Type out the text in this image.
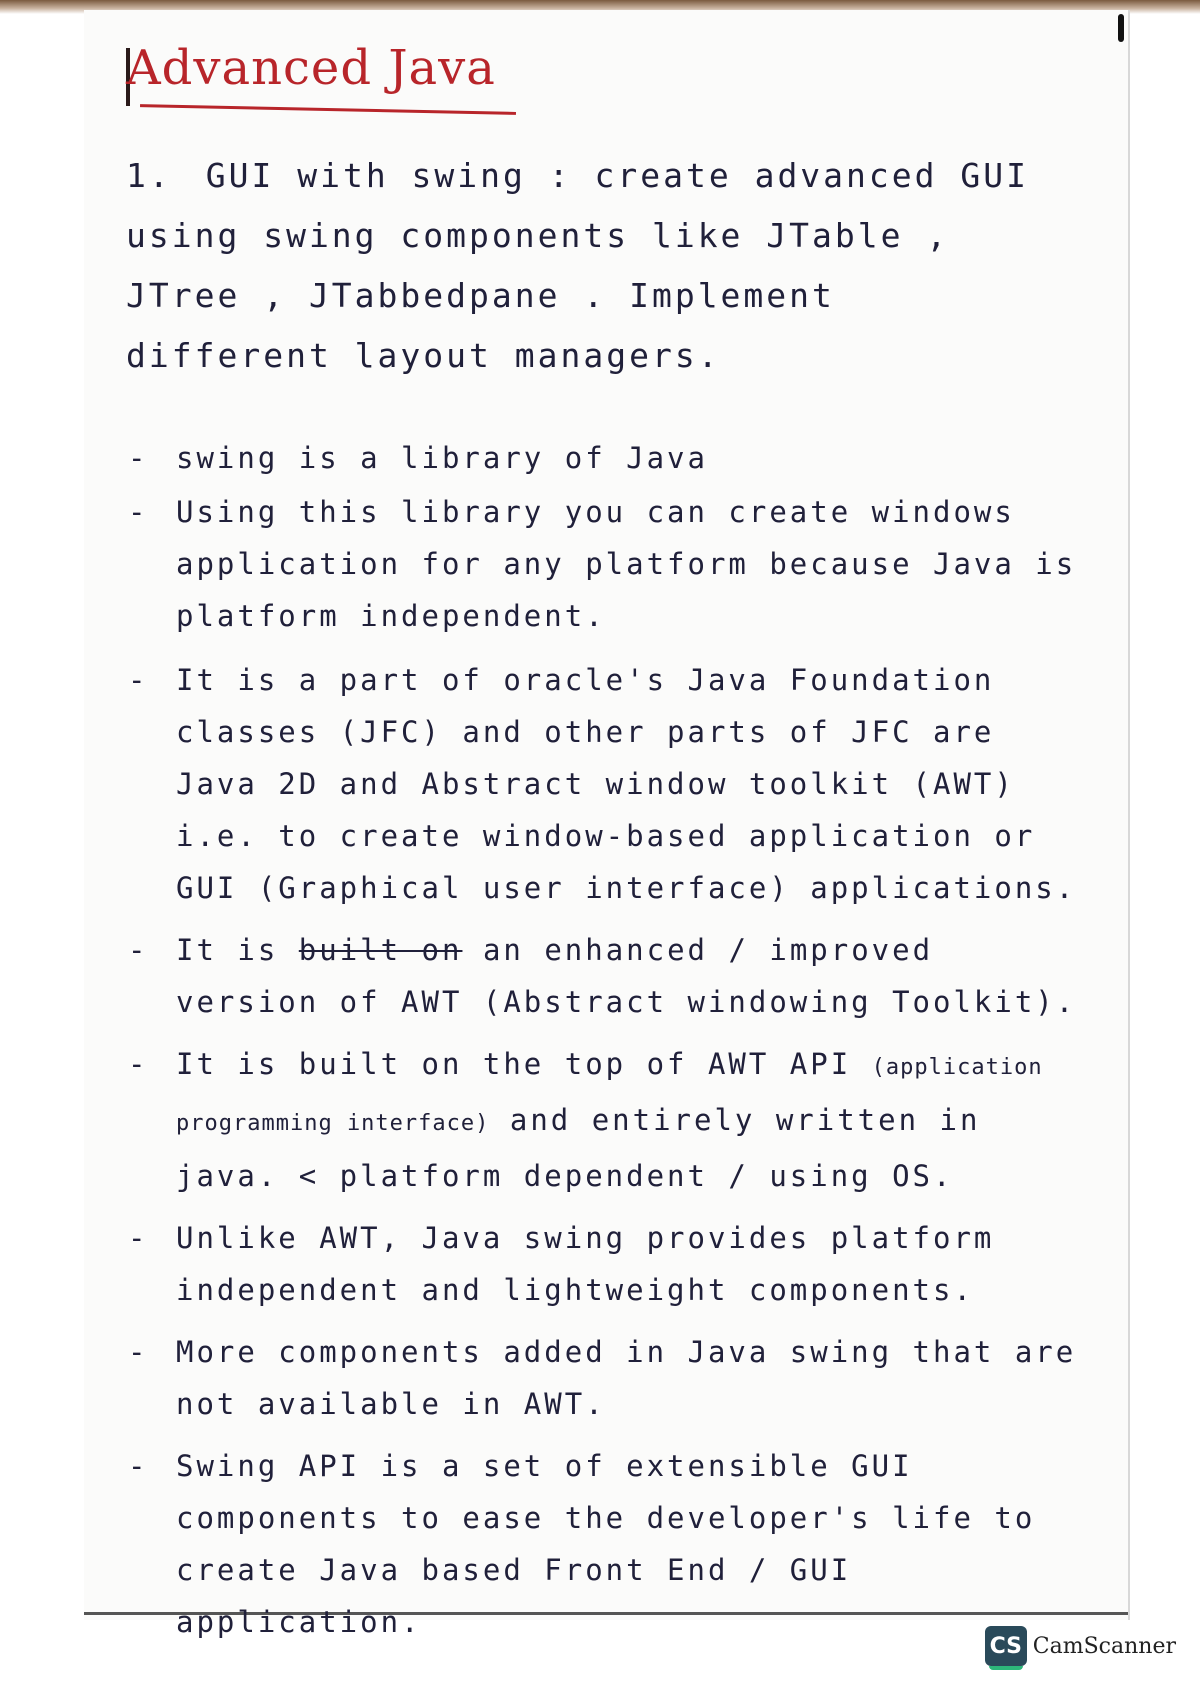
Advanced Java

1. GUI with swing : create advanced GUI using swing components like JTable , JTree , JTabbedpane . Implement different layout managers.

- swing is a library of Java
- Using this library you can create windows application for any platform because Java is platform independent.
- It is a part of oracle's Java Foundation classes (JFC) and other parts of JFC are Java 2D and Abstract window toolkit (AWT) i.e. to create window-based application or GUI (Graphical user interface) applications.
- It is built on an enhanced / improved version of AWT (Abstract windowing Toolkit).
- It is built on the top of AWT API (application programming interface) and entirely written in java. < platform dependent / using OS.
- Unlike AWT, Java swing provides platform independent and lightweight components.
- More components added in Java swing that are not available in AWT.
- Swing API is a set of extensible GUI components to ease the developer's life to create Java based Front End / GUI application.
CS CamScanner
